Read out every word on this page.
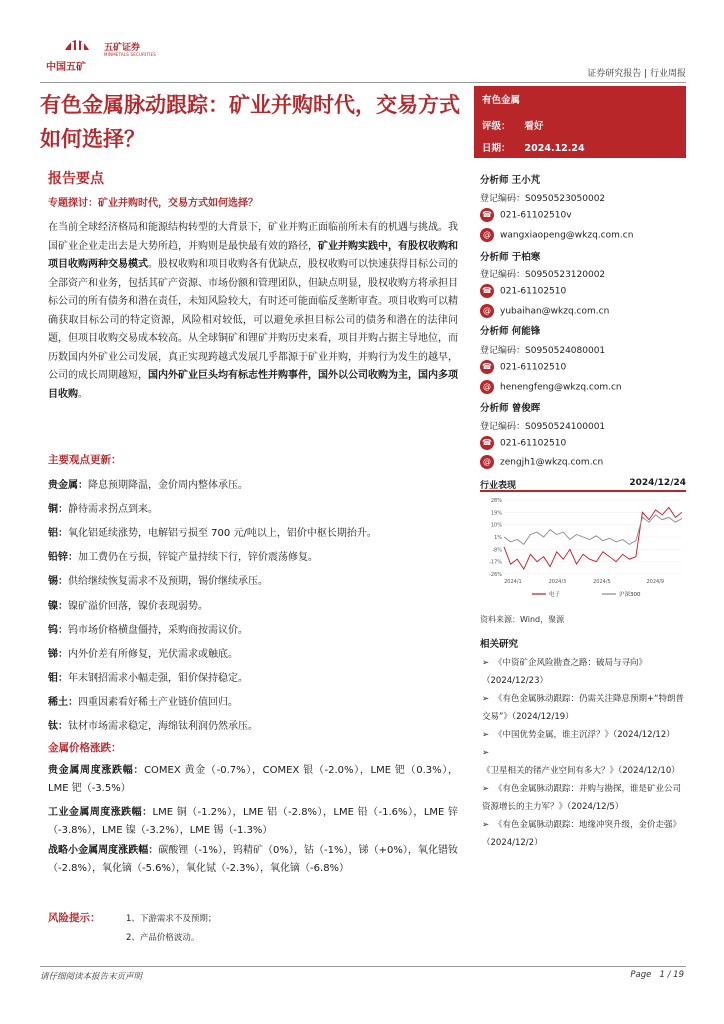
中国五矿
五矿证券
MINMETALS SECURITIES
证券研究报告 | 行业周报
有色金属脉动跟踪：矿业并购时代，交易方式如何选择？
有色金属
评级： 看好
日期： 2024.12.24
报告要点
专题探讨：矿业并购时代，交易方式如何选择？
在当前全球经济格局和能源结构转型的大背景下，矿业并购正面临前所未有的机遇与挑战。我国矿业企业走出去是大势所趋，并购则是最快最有效的路径，矿业并购实践中，有股权收购和项目收购两种交易模式。股权收购和项目收购各有优缺点，股权收购可以快速获得目标公司的全部资产和业务，包括其矿产资源、市场份额和管理团队，但缺点明显，股权收购方将承担目标公司的所有债务和潜在责任，未知风险较大，有时还可能面临反垄断审查。项目收购可以精确获取目标公司的特定资源，风险相对较低，可以避免承担目标公司的债务和潜在的法律问题，但项目收购交易成本较高。从全球铜矿和锂矿并购历史来看，项目并购占据主导地位，而历数国内外矿业公司发展，真正实现跨越式发展几乎都源于矿业并购，并购行为发生的越早，公司的成长周期越短，国内外矿业巨头均有标志性并购事件，国外以公司收购为主，国内多项目收购。
主要观点更新：
贵金属：降息预期降温，金价周内整体承压。
铜：静待需求拐点到来。
铝：氧化铝延续涨势，电解铝亏损至 700 元/吨以上，铝价中枢长期抬升。
铅锌：加工费仍在亏损，锌锭产量持续下行，锌价震荡修复。
锡：供给继续恢复需求不及预期，锡价继续承压。
镍：镍矿溢价回落，镍价表现弱势。
钨：钨市场价格横盘僵持，采购商按需议价。
锑：内外价差有所修复，光伏需求或触底。
钼：年末钢招需求小幅走强，钼价保持稳定。
稀土：四重因素看好稀土产业链价值回归。
钛：钛材市场需求稳定，海绵钛利润仍然承压。
金属价格涨跌：
贵金属周度涨跌幅：COMEX 黄金（-0.7%），COMEX 银（-2.0%），LME 钯（0.3%），LME 钯（-3.5%）
工业金属周度涨跌幅：LME 铜（-1.2%），LME 铝（-2.8%），LME 铅（-1.6%），LME 锌（-3.8%），LME 镍（-3.2%），LME 锡（-1.3%）
战略小金属周度涨跌幅：碳酸锂（-1%），钨精矿（0%），钴（-1%），锑（+0%），氧化镨钕（-2.8%），氧化镝（-5.6%），氧化铽（-2.3%），氧化镝（-6.8%）
风险提示：	1、下游需求不及预期；
2、产品价格波动。
分析师 王小芃
登记编码：S0950523050002
☎ 021-61102510v
@ wangxiaopeng@wkzq.com.cn
分析师 于柏寒
登记编码：S0950523120002
☎ 021-61102510
@ yubaihan@wkzq.com.cn
分析师 何能锋
登记编码：S0950524080001
☎ 021-61102510
@ henengfeng@wkzq.com.cn
分析师 曾俊晖
登记编码：S0950524100001
☎ 021-61102510
@ zengjh1@wkzq.com.cn
行业表现	2024/12/24
28%
19%
10%
1%
-8%
-17%
-26%
2024/1	2024/3	2024/5	2024/9
电子	沪深300
资料来源：Wind，聚源
相关研究
➢ 《中资矿企风险勘查之路：破局与寻向》（2024/12/23）
➢ 《有色金属脉动跟踪：仍需关注降息预期+“特朗普交易”》（2024/12/19）
➢ 《中国优势金属，谁主沉浮？》（2024/12/12）
➢《卫星相关的锗产业空间有多大？》（2024/12/10）
➢ 《有色金属脉动跟踪：并购与勘探，谁是矿业公司资源增长的主力军？》（2024/12/5）
➢ 《有色金属脉动跟踪：地缘冲突升级，金价走强》（2024/12/2）
请仔细阅读本报告末页声明	Page 1 / 19
